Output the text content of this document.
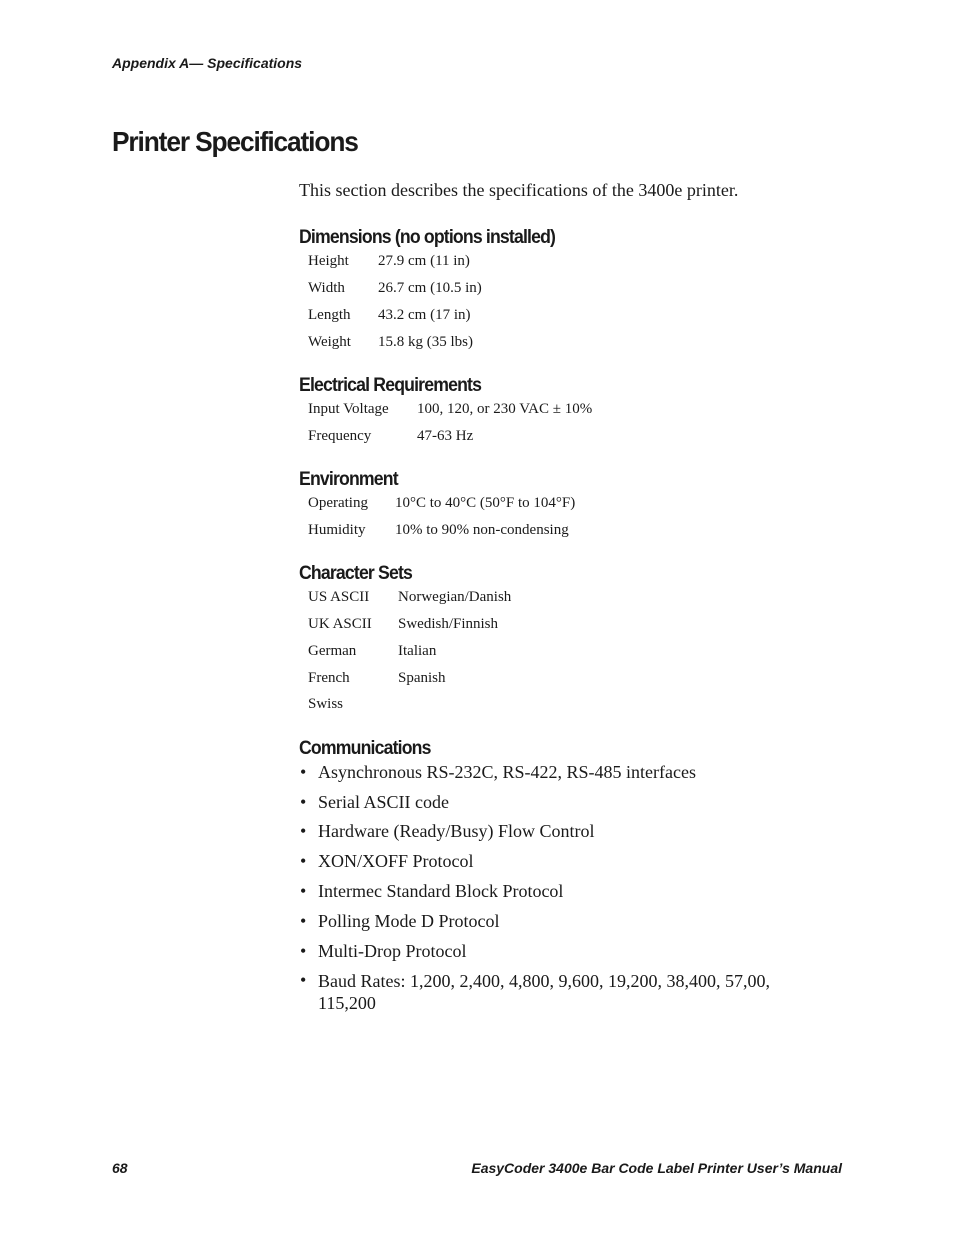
Appendix A— Specifications
Printer Specifications

This section describes the specifications of the 3400e printer.

Dimensions (no options installed)
Height 27.9 cm (11 in)
Width 26.7 cm (10.5 in)
Length 43.2 cm (17 in)
Weight 15.8 kg (35 lbs)
Electrical Requirements
Input Voltage 100, 120, or 230 VAC ± 10%
Frequency	47-63 Hz
Environment
Operating 10°C to 40°C (50°F to 104°F)
Humidity 10% to 90% non-condensing
Character Sets
US ASCII Norwegian/Danish
UK ASCII Swedish/Finnish
German	Italian
French	Spanish
Swiss
Communications
• Asynchronous RS-232C, RS-422, RS-485 interfaces
• Serial ASCII code
• Hardware (Ready/Busy) Flow Control
• XON/XOFF Protocol
• Intermec Standard Block Protocol
• Polling Mode D Protocol
• Multi-Drop Protocol
• Baud Rates: 1,200, 2,400, 4,800, 9,600, 19,200, 38,400, 57,00, 115,200
68	EasyCoder 3400e Bar Code Label Printer User’s Manual
